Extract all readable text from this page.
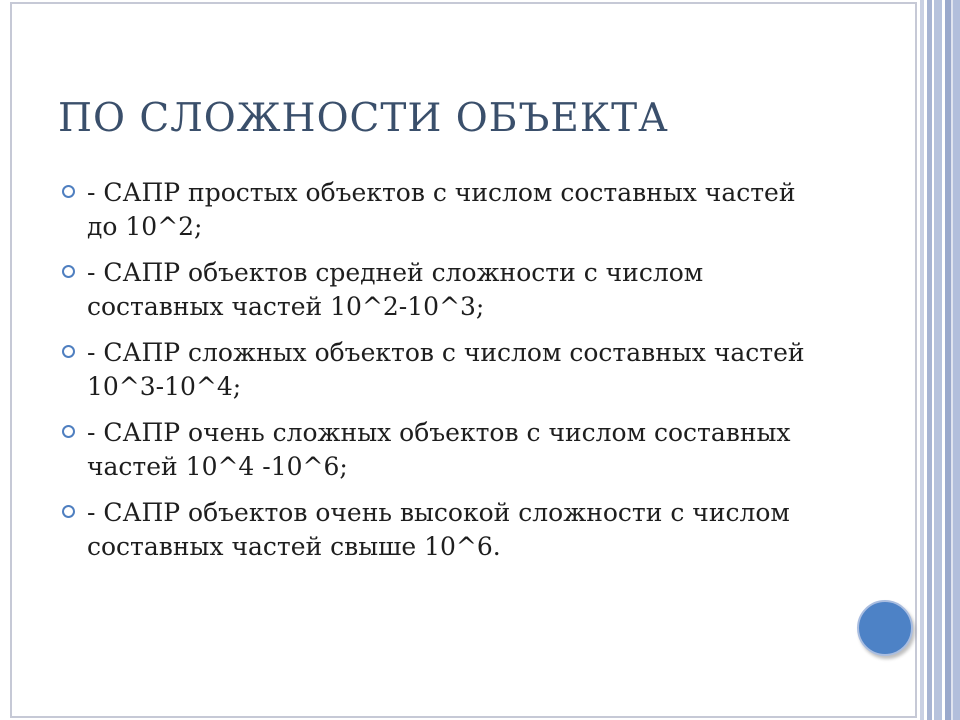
ПО СЛОЖНОСТИ ОБЪЕКТА
- САПР простых объектов с числом составных частей до 10^2;
- САПР объектов средней сложности с числом составных частей 10^2-10^3;
- САПР сложных объектов с числом составных частей 10^3-10^4;
- САПР очень сложных объектов с числом составных частей 10^4 -10^6;
- САПР объектов очень высокой сложности с числом составных частей свыше 10^6.
